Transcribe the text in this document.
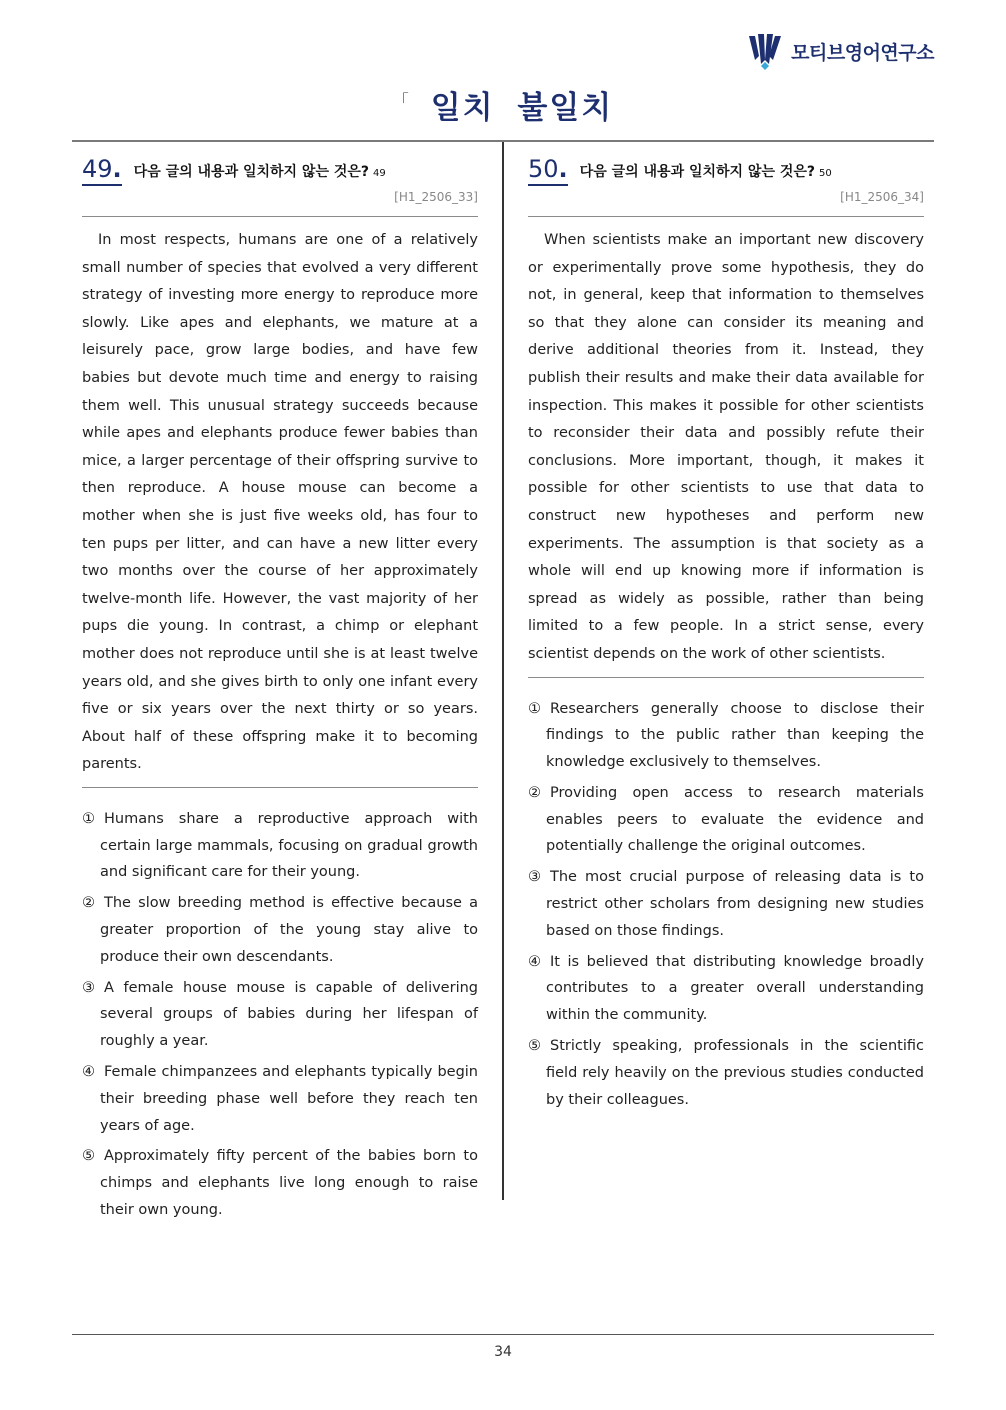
모티브영어연구소
「 일치 불일치
49. 다음 글의 내용과 일치하지 않는 것은? 49
[H1_2506_33]

In most respects, humans are one of a relatively small number of species that evolved a very different strategy of investing more energy to reproduce more slowly. Like apes and elephants, we mature at a leisurely pace, grow large bodies, and have few babies but devote much time and energy to raising them well. This unusual strategy succeeds because while apes and elephants produce fewer babies than mice, a larger percentage of their offspring survive to then reproduce. A house mouse can become a mother when she is just five weeks old, has four to ten pups per litter, and can have a new litter every two months over the course of her approximately twelve-month life. However, the vast majority of her pups die young. In contrast, a chimp or elephant mother does not reproduce until she is at least twelve years old, and she gives birth to only one infant every five or six years over the next thirty or so years. About half of these offspring make it to becoming parents.

① Humans share a reproductive approach with certain large mammals, focusing on gradual growth and significant care for their young.
② The slow breeding method is effective because a greater proportion of the young stay alive to produce their own descendants.
③ A female house mouse is capable of delivering several groups of babies during her lifespan of roughly a year.
④ Female chimpanzees and elephants typically begin their breeding phase well before they reach ten years of age.
⑤ Approximately fifty percent of the babies born to chimps and elephants live long enough to raise their own young.
50. 다음 글의 내용과 일치하지 않는 것은? 50
[H1_2506_34]

When scientists make an important new discovery or experimentally prove some hypothesis, they do not, in general, keep that information to themselves so that they alone can consider its meaning and derive additional theories from it. Instead, they publish their results and make their data available for inspection. This makes it possible for other scientists to reconsider their data and possibly refute their conclusions. More important, though, it makes it possible for other scientists to use that data to construct new hypotheses and perform new experiments. The assumption is that society as a whole will end up knowing more if information is spread as widely as possible, rather than being limited to a few people. In a strict sense, every scientist depends on the work of other scientists.

① Researchers generally choose to disclose their findings to the public rather than keeping the knowledge exclusively to themselves.
② Providing open access to research materials enables peers to evaluate the evidence and potentially challenge the original outcomes.
③ The most crucial purpose of releasing data is to restrict other scholars from designing new studies based on those findings.
④ It is believed that distributing knowledge broadly contributes to a greater overall understanding within the community.
⑤ Strictly speaking, professionals in the scientific field rely heavily on the previous studies conducted by their colleagues.
34
